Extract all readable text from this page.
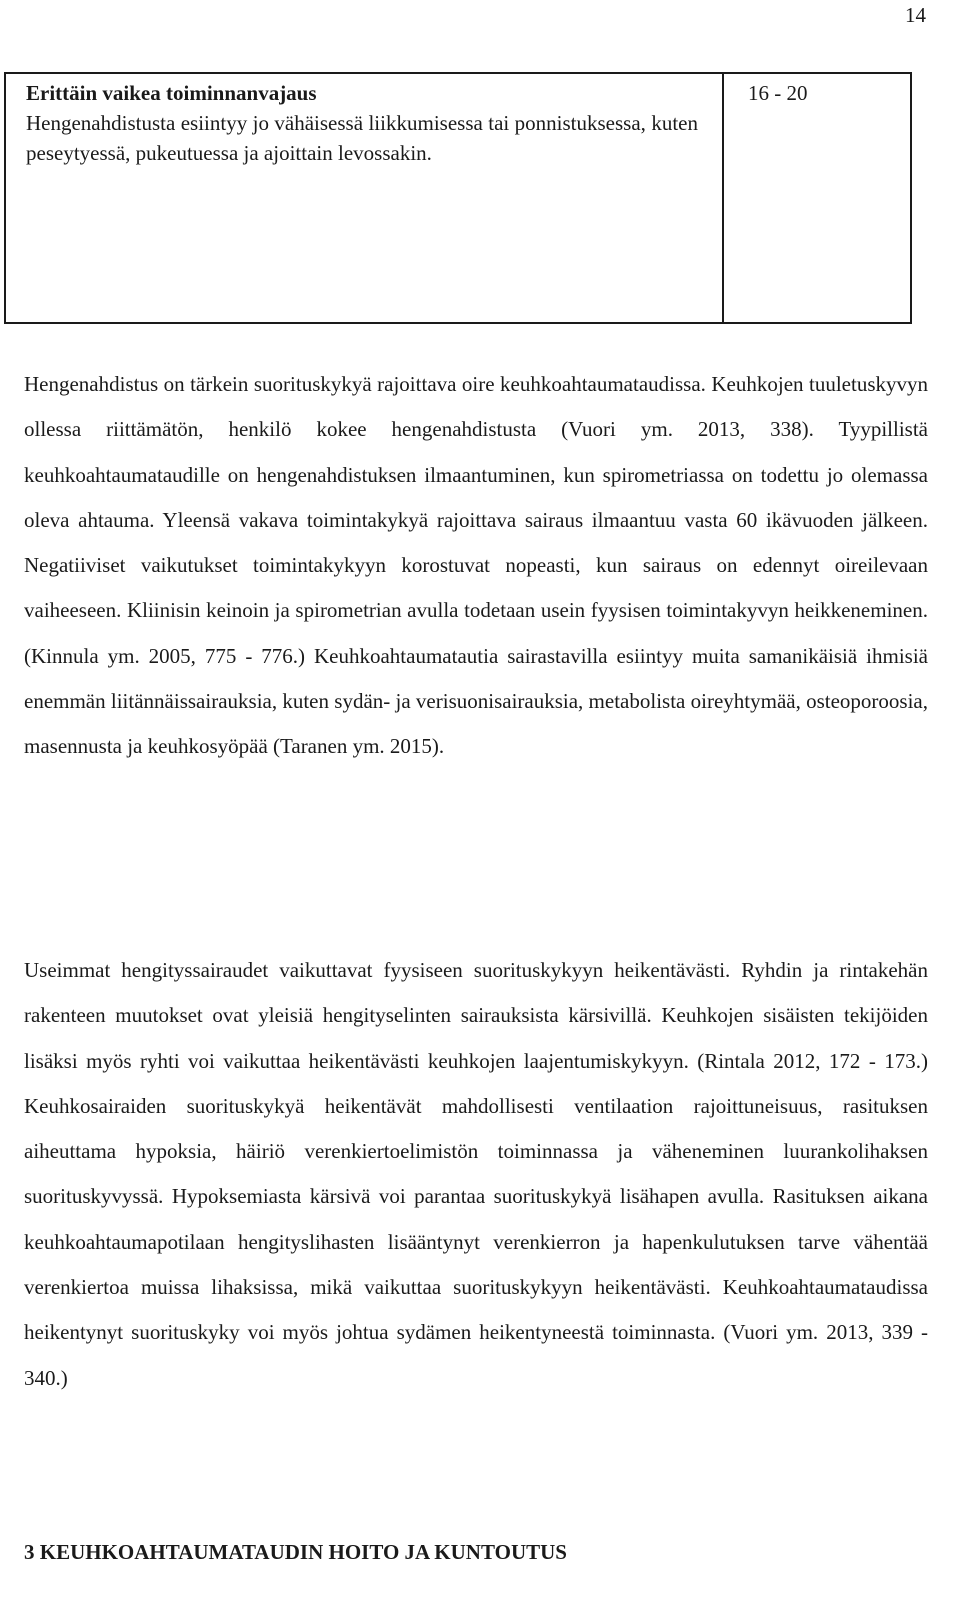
14
Erittäin vaikea toiminnanvajaus
Hengenahdistusta esiintyy jo vähäisessä liikkumisessa tai ponnistuksessa, kuten peseytyessä, pukeutuessa ja ajoittain levossakin.
16 - 20

Hengenahdistus on tärkein suorituskykyä rajoittava oire keuhkoahtaumataudissa. Keuhkojen tuuletuskyvyn ollessa riittämätön, henkilö kokee hengenahdistusta (Vuori ym. 2013, 338). Tyypillistä keuhkoahtaumataudille on hengenahdistuksen ilmaantuminen, kun spirometriassa on todettu jo olemassa oleva ahtauma. Yleensä vakava toimintakykyä rajoittava sairaus ilmaantuu vasta 60 ikävuoden jälkeen. Negatiiviset vaikutukset toimintakykyyn korostuvat nopeasti, kun sairaus on edennyt oireilevaan vaiheeseen. Kliinisin keinoin ja spirometrian avulla todetaan usein fyysisen toimintakyvyn heikkeneminen. (Kinnula ym. 2005, 775 - 776.) Keuhkoahtaumatautia sairastavilla esiintyy muita samanikäisiä ihmisiä enemmän liitännäissairauksia, kuten sydän- ja verisuonisairauksia, metabolista oireyhtymää, osteoporoosia, masennusta ja keuhkosyöpää (Taranen ym. 2015).

Useimmat hengityssairaudet vaikuttavat fyysiseen suorituskykyyn heikentävästi. Ryhdin ja rintakehän rakenteen muutokset ovat yleisiä hengityselinten sairauksista kärsivillä. Keuhkojen sisäisten tekijöiden lisäksi myös ryhti voi vaikuttaa heikentävästi keuhkojen laajentumiskykyyn. (Rintala 2012, 172 - 173.) Keuhkosairaiden suorituskykyä heikentävät mahdollisesti ventilaation rajoittuneisuus, rasituksen aiheuttama hypoksia, häiriö verenkiertoelimistön toiminnassa ja väheneminen luurankolihaksen suorituskyvyssä. Hypoksemiasta kärsivä voi parantaa suorituskykyä lisähapen avulla. Rasituksen aikana keuhkoahtaumapotilaan hengityslihasten lisääntynyt verenkierron ja hapenkulutuksen tarve vähentää verenkiertoa muissa lihaksissa, mikä vaikuttaa suorituskykyyn heikentävästi. Keuhkoahtaumataudissa heikentynyt suorituskyky voi myös johtua sydämen heikentyneestä toiminnasta. (Vuori ym. 2013, 339 - 340.)

3 KEUHKOAHTAUMATAUDIN HOITO JA KUNTOUTUS
